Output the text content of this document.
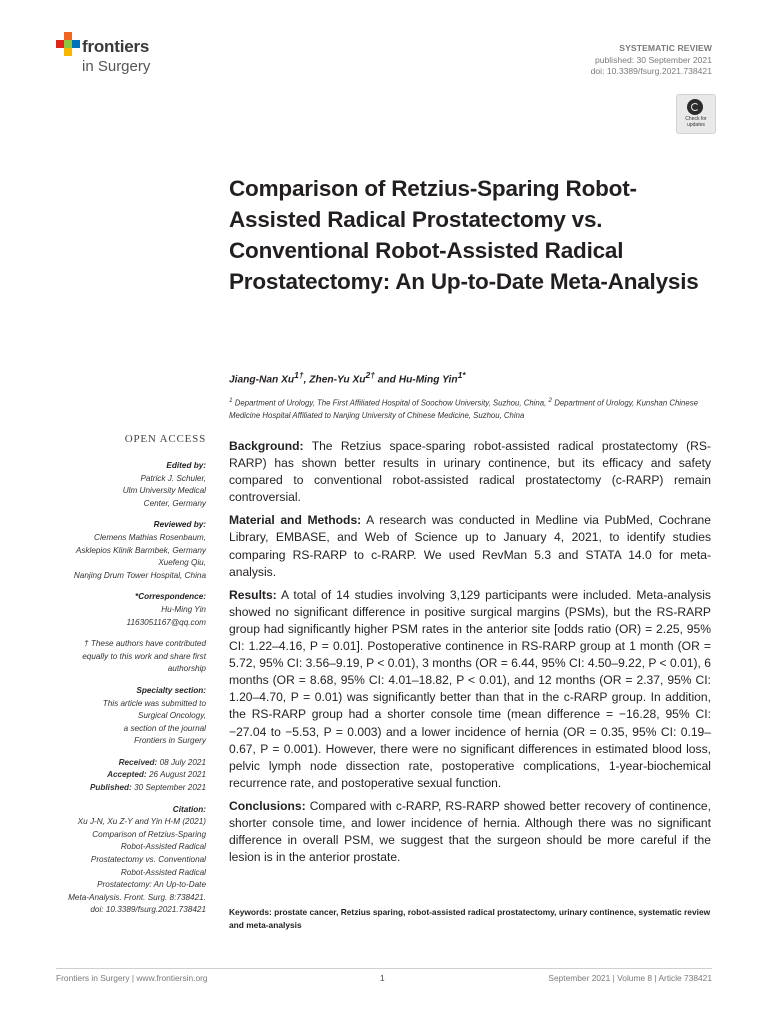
frontiers
in Surgery
SYSTEMATIC REVIEW
published: 30 September 2021
doi: 10.3389/fsurg.2021.738421
Check for updates
Comparison of Retzius-Sparing Robot-Assisted Radical Prostatectomy vs. Conventional Robot-Assisted Radical Prostatectomy: An Up-to-Date Meta-Analysis
Jiang-Nan $Xu^{1\dagger}$, Zhen-Yu $Xu^{2\dagger}$ and Hu-Ming Yin$^{1*}$
$^1$ Department of Urology, The First Affiliated Hospital of Soochow University, Suzhou, China, $^2$ Department of Urology, Kunshan Chinese Medicine Hospital Affiliated to Nanjing University of Chinese Medicine, Suzhou, China
OPEN ACCESS
Edited by:
Patrick J. Schuler,
Ulm University Medical
Center, Germany
Reviewed by:
Clemens Mathias Rosenbaum,
Asklepios Klinik Barmbek, Germany
Xuefeng Qiu,
Nanjing Drum Tower Hospital, China
*Correspondence:
Hu-Ming Yin
1163051167@qq.com
† These authors have contributed
equally to this work and share first
authorship
Specialty section:
This article was submitted to
Surgical Oncology,
a section of the journal
Frontiers in Surgery
Received: 08 July 2021
Accepted: 26 August 2021
Published: 30 September 2021
Citation:
Xu J-N, Xu Z-Y and Yin H-M (2021)
Comparison of Retzius-Sparing
Robot-Assisted Radical
Prostatectomy vs. Conventional
Robot-Assisted Radical
Prostatectomy: An Up-to-Date
Meta-Analysis. Front. Surg. 8:738421.
doi: 10.3389/fsurg.2021.738421

Background: The Retzius space-sparing robot-assisted radical prostatectomy (RS-RARP) has shown better results in urinary continence, but its efficacy and safety compared to conventional robot-assisted radical prostatectomy (c-RARP) remain controversial.

Material and Methods: A research was conducted in Medline via PubMed, Cochrane Library, EMBASE, and Web of Science up to January 4, 2021, to identify studies comparing RS-RARP to c-RARP. We used RevMan 5.3 and STATA 14.0 for meta-analysis.

Results: A total of 14 studies involving 3,129 participants were included. Meta-analysis showed no significant difference in positive surgical margins (PSMs), but the RS-RARP group had significantly higher PSM rates in the anterior site [odds ratio (OR) = 2.25, 95% CI: 1.22–4.16, P = 0.01]. Postoperative continence in RS-RARP group at 1 month (OR = 5.72, 95% CI: 3.56–9.19, P < 0.01), 3 months (OR = 6.44, 95% CI: 4.50–9.22, P < 0.01), 6 months (OR = 8.68, 95% CI: 4.01–18.82, P < 0.01), and 12 months (OR = 2.37, 95% CI: 1.20–4.70, P = 0.01) was significantly better than that in the c-RARP group. In addition, the RS-RARP group had a shorter console time (mean difference = −16.28, 95% CI: −27.04 to −5.53, P = 0.003) and a lower incidence of hernia (OR = 0.35, 95% CI: 0.19–0.67, P = 0.001). However, there were no significant differences in estimated blood loss, pelvic lymph node dissection rate, postoperative complications, 1-year-biochemical recurrence rate, and postoperative sexual function.

Conclusions: Compared with c-RARP, RS-RARP showed better recovery of continence, shorter console time, and lower incidence of hernia. Although there was no significant difference in overall PSM, we suggest that the surgeon should be more careful if the lesion is in the anterior prostate.

Keywords: prostate cancer, Retzius sparing, robot-assisted radical prostatectomy, urinary continence, systematic review and meta-analysis
Frontiers in Surgery | www.frontiersin.org	1	September 2021 | Volume 8 | Article 738421
